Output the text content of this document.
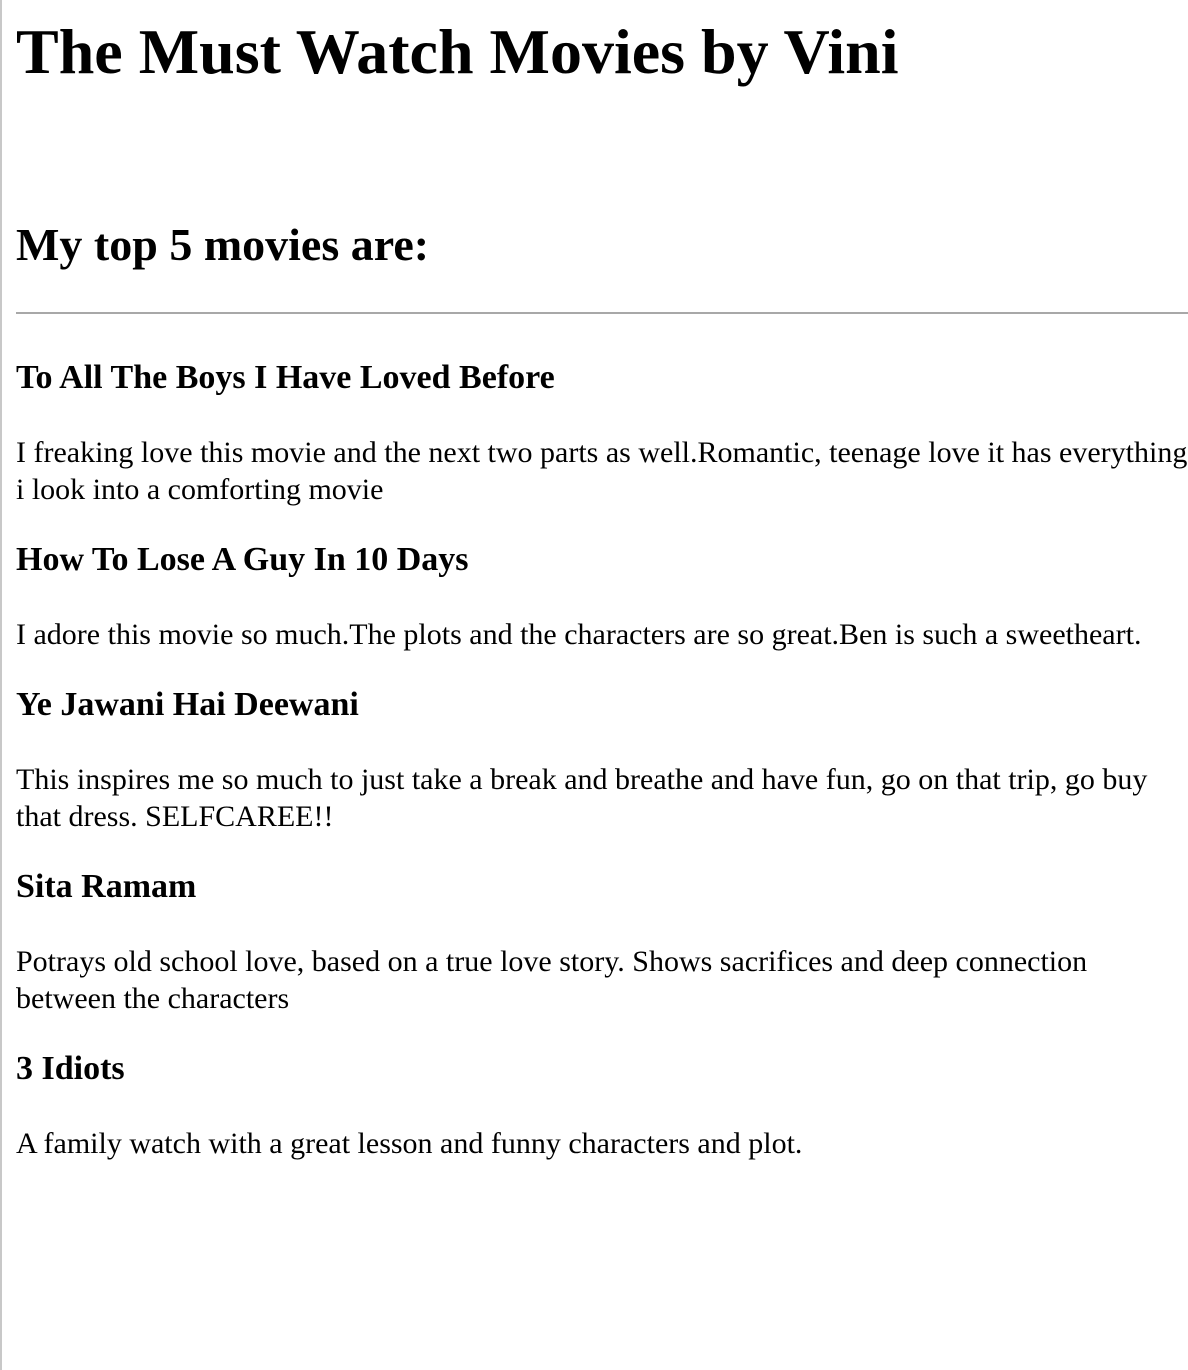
The Must Watch Movies by Vini
My top 5 movies are:
To All The Boys I Have Loved Before

I freaking love this movie and the next two parts as well.Romantic, teenage love it has everything i look into a comforting movie

How To Lose A Guy In 10 Days

I adore this movie so much.The plots and the characters are so great.Ben is such a sweetheart.

Ye Jawani Hai Deewani

This inspires me so much to just take a break and breathe and have fun, go on that trip, go buy that dress. SELFCAREE!!

Sita Ramam

Potrays old school love, based on a true love story. Shows sacrifices and deep connection between the characters

3 Idiots

A family watch with a great lesson and funny characters and plot.
